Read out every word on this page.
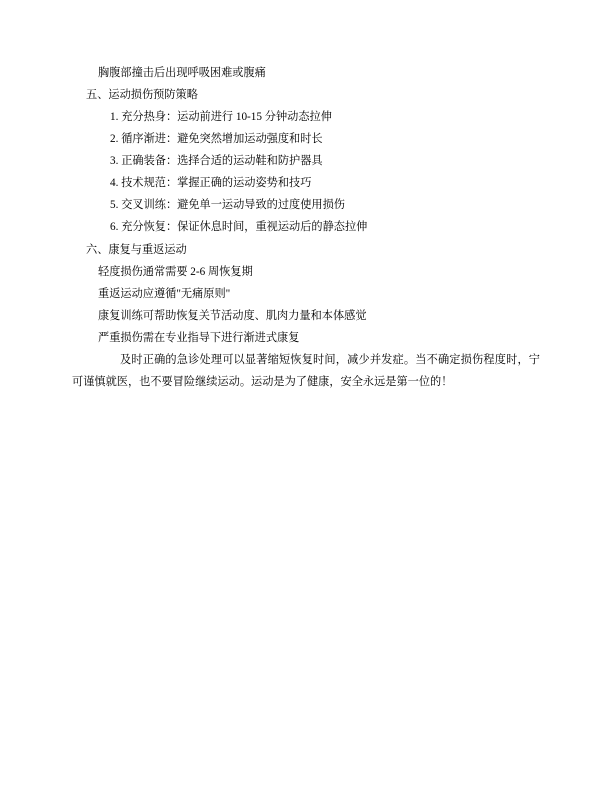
胸腹部撞击后出现呼吸困难或腹痛
五、运动损伤预防策略
1. 充分热身：运动前进行 10-15 分钟动态拉伸
2. 循序渐进：避免突然增加运动强度和时长
3. 正确装备：选择合适的运动鞋和防护器具
4. 技术规范：掌握正确的运动姿势和技巧
5. 交叉训练：避免单一运动导致的过度使用损伤
6. 充分恢复：保证休息时间，重视运动后的静态拉伸
六、康复与重返运动
轻度损伤通常需要 2-6 周恢复期
重返运动应遵循"无痛原则"
康复训练可帮助恢复关节活动度、肌肉力量和本体感觉
严重损伤需在专业指导下进行渐进式康复
及时正确的急诊处理可以显著缩短恢复时间，减少并发症。当不确定损伤程度时，宁可谨慎就医，也不要冒险继续运动。运动是为了健康，安全永远是第一位的！
